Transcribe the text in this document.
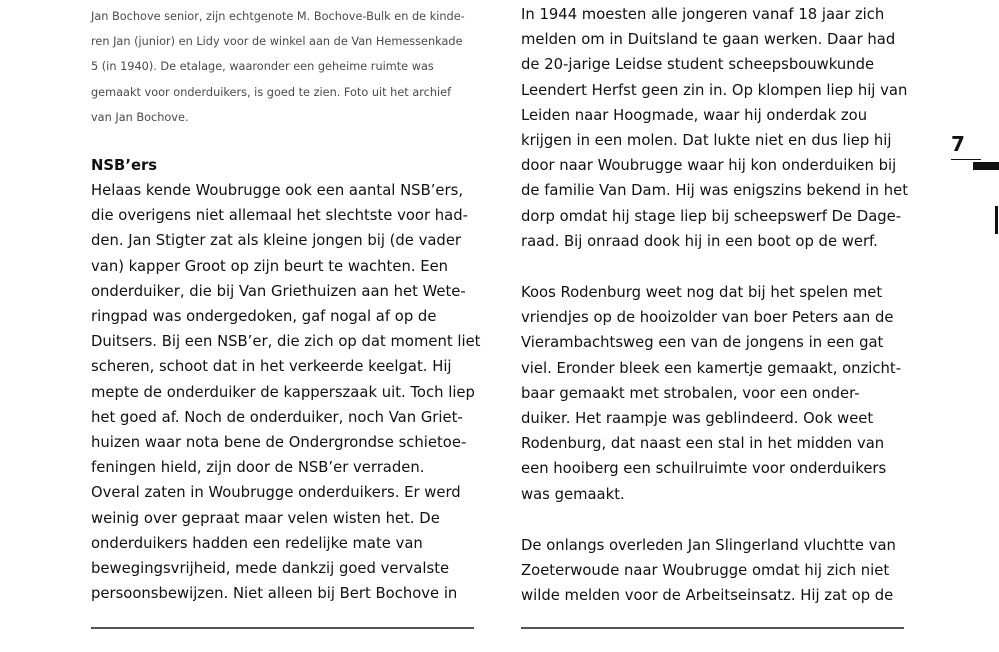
Jan Bochove senior, zijn echtgenote M. Bochove-Bulk en de kinde-
ren Jan (junior) en Lidy voor de winkel aan de Van Hemessenkade
5 (in 1940). De etalage, waaronder een geheime ruimte was
gemaakt voor onderduikers, is goed te zien. Foto uit het archief
van Jan Bochove.

NSB’ers

Helaas kende Woubrugge ook een aantal NSB’ers,
die overigens niet allemaal het slechtste voor had-
den. Jan Stigter zat als kleine jongen bij (de vader
van) kapper Groot op zijn beurt te wachten. Een
onderduiker, die bij Van Griethuizen aan het Wete-
ringpad was ondergedoken, gaf nogal af op de
Duitsers. Bij een NSB’er, die zich op dat moment liet
scheren, schoot dat in het verkeerde keelgat. Hij
mepte de onderduiker de kapperszaak uit. Toch liep
het goed af. Noch de onderduiker, noch Van Griet-
huizen waar nota bene de Ondergrondse schietoe-
feningen hield, zijn door de NSB’er verraden.
Overal zaten in Woubrugge onderduikers. Er werd
weinig over gepraat maar velen wisten het. De
onderduikers hadden een redelijke mate van
bewegingsvrijheid, mede dankzij goed vervalste
persoonsbewijzen. Niet alleen bij Bert Bochove in

In 1944 moesten alle jongeren vanaf 18 jaar zich
melden om in Duitsland te gaan werken. Daar had
de 20-jarige Leidse student scheepsbouwkunde
Leendert Herfst geen zin in. Op klompen liep hij van
Leiden naar Hoogmade, waar hij onderdak zou
krijgen in een molen. Dat lukte niet en dus liep hij
door naar Woubrugge waar hij kon onderduiken bij
de familie Van Dam. Hij was enigszins bekend in het
dorp omdat hij stage liep bij scheepswerf De Dage-
raad. Bij onraad dook hij in een boot op de werf.

Koos Rodenburg weet nog dat bij het spelen met
vriendjes op de hooizolder van boer Peters aan de
Vierambachtsweg een van de jongens in een gat
viel. Eronder bleek een kamertje gemaakt, onzicht-
baar gemaakt met strobalen, voor een onder-
duiker. Het raampje was geblindeerd. Ook weet
Rodenburg, dat naast een stal in het midden van
een hooiberg een schuilruimte voor onderduikers
was gemaakt.

De onlangs overleden Jan Slingerland vluchtte van
Zoeterwoude naar Woubrugge omdat hij zich niet
wilde melden voor de Arbeitseinsatz. Hij zat op de

7
